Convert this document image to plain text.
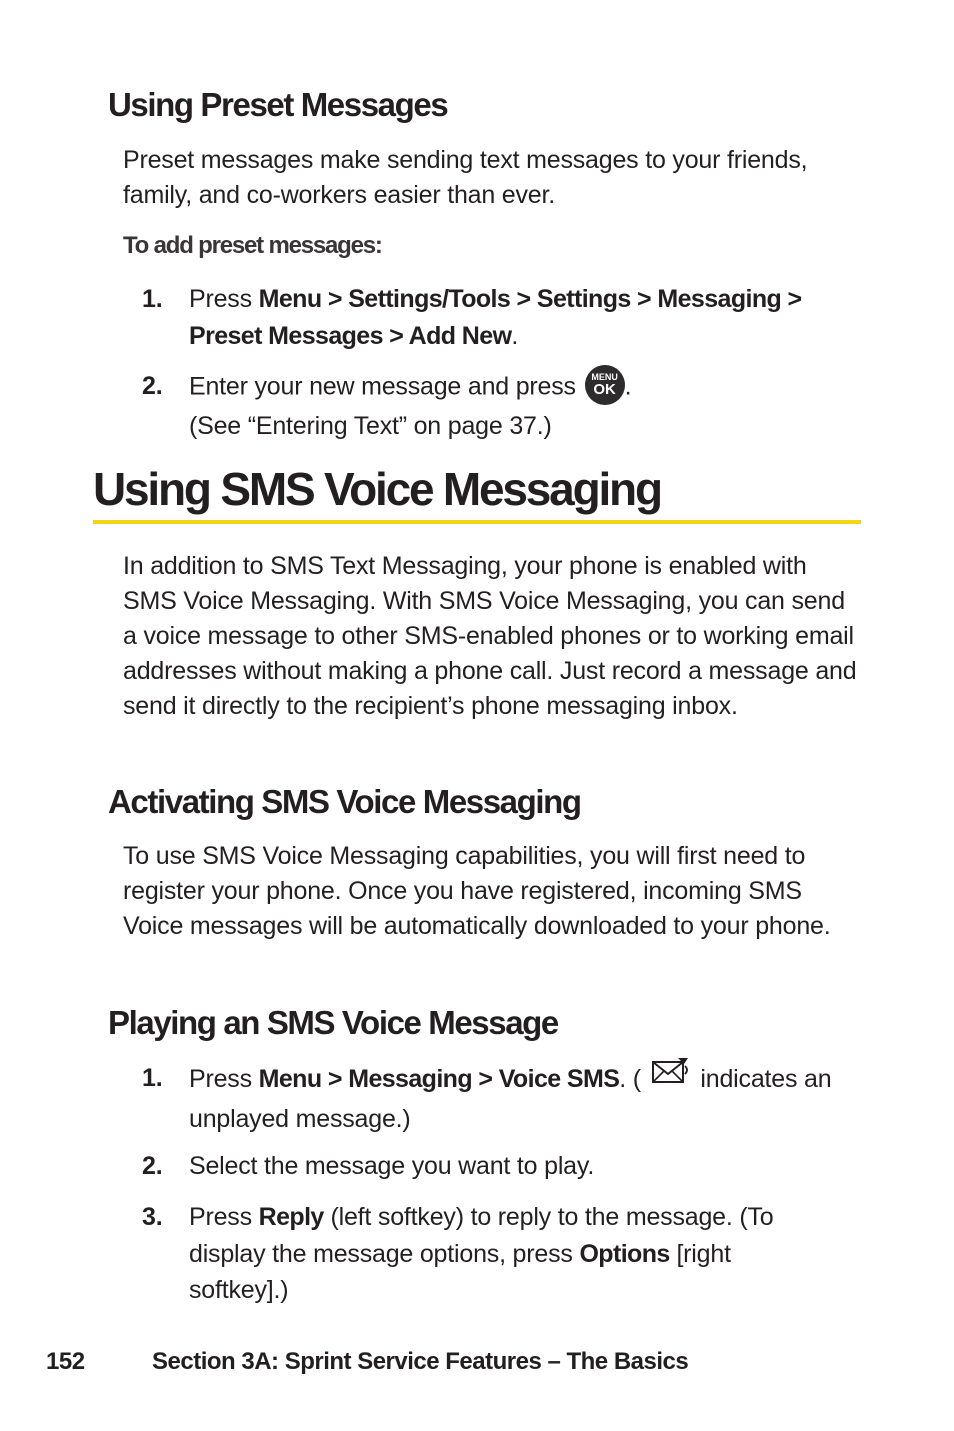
Using Preset Messages

Preset messages make sending text messages to your friends, family, and co-workers easier than ever.

To add preset messages:
1. Press Menu > Settings/Tools > Settings > Messaging > Preset Messages > Add New.
2. Enter your new message and press	MENU
OK .
(See “Entering Text” on page 37.)
Using SMS Voice Messaging

In addition to SMS Text Messaging, your phone is enabled with SMS Voice Messaging. With SMS Voice Messaging, you can send a voice message to other SMS-enabled phones or to working email addresses without making a phone call. Just record a message and send it directly to the recipient’s phone messaging inbox.

Activating SMS Voice Messaging

To use SMS Voice Messaging capabilities, you will first need to register your phone. Once you have registered, incoming SMS Voice messages will be automatically downloaded to your phone.

Playing an SMS Voice Message
1. Press Menu > Messaging > Voice SMS. ( indicates an unplayed message.)
2. Select the message you want to play.
3. Press Reply (left softkey) to reply to the message. (To display the message options, press Options [right softkey].)
152	Section 3A: Sprint Service Features – The Basics
